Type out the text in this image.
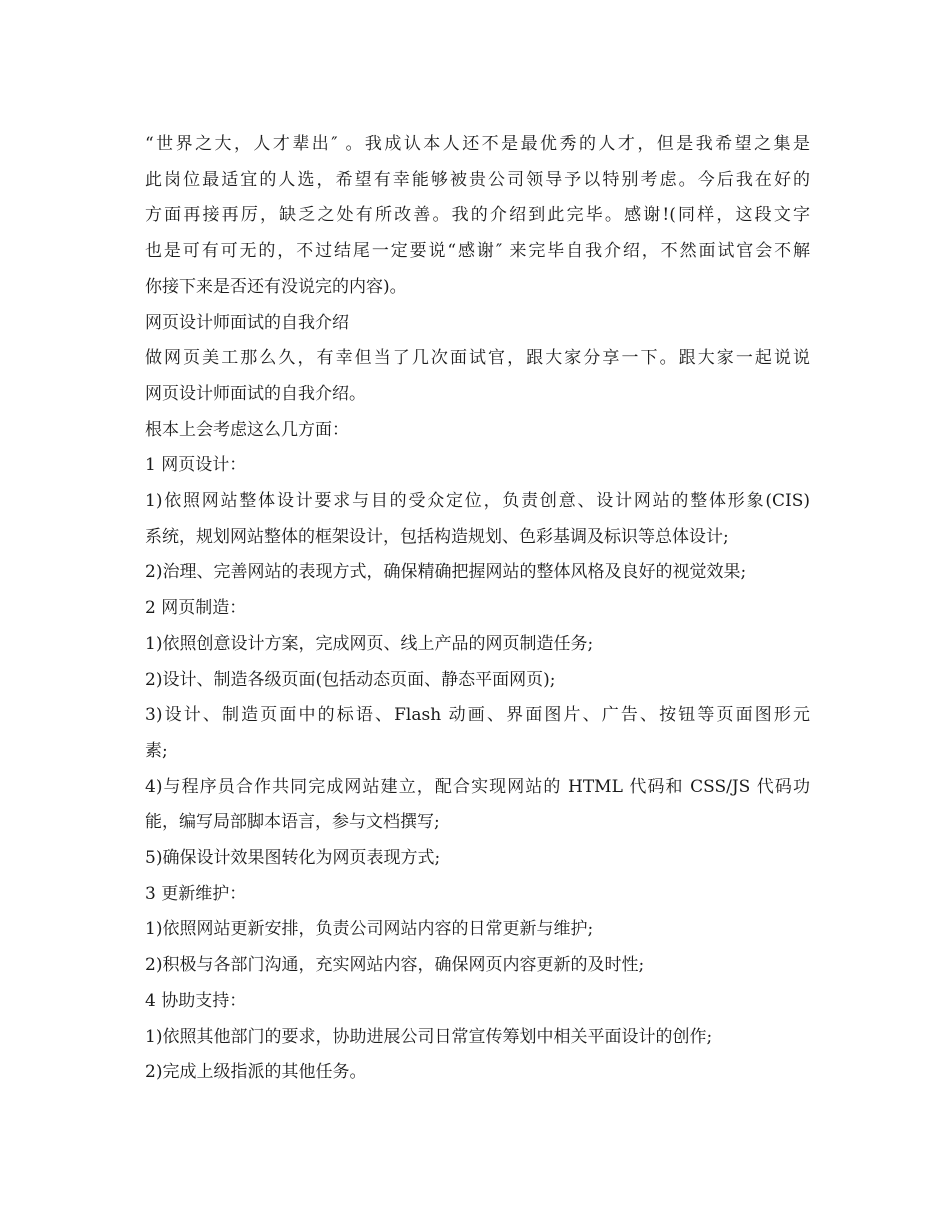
“世界之大，人才辈出″ 。我成认本人还不是最优秀的人才，但是我希望之集是
此岗位最适宜的人选，希望有幸能够被贵公司领导予以特别考虑。今后我在好的
方面再接再厉，缺乏之处有所改善。我的介绍到此完毕。感谢!(同样，这段文字
也是可有可无的，不过结尾一定要说“感谢″ 来完毕自我介绍，不然面试官会不解
你接下来是否还有没说完的内容)。
网页设计师面试的自我介绍
做网页美工那么久，有幸但当了几次面试官，跟大家分享一下。跟大家一起说说
网页设计师面试的自我介绍。
根本上会考虑这么几方面：
1 网页设计：
1)依照网站整体设计要求与目的受众定位，负责创意、设计网站的整体形象(CIS)
系统，规划网站整体的框架设计，包括构造规划、色彩基调及标识等总体设计;
2)治理、完善网站的表现方式，确保精确把握网站的整体风格及良好的视觉效果;
2 网页制造：
1)依照创意设计方案，完成网页、线上产品的网页制造任务;
2)设计、制造各级页面(包括动态页面、静态平面网页);
3)设计、制造页面中的标语、Flash 动画、界面图片、广告、按钮等页面图形元
素;
4)与程序员合作共同完成网站建立，配合实现网站的 HTML 代码和 CSS/JS 代码功
能，编写局部脚本语言，参与文档撰写;
5)确保设计效果图转化为网页表现方式;
3 更新维护：
1)依照网站更新安排，负责公司网站内容的日常更新与维护;
2)积极与各部门沟通，充实网站内容，确保网页内容更新的及时性;
4 协助支持：
1)依照其他部门的要求，协助进展公司日常宣传筹划中相关平面设计的创作;
2)完成上级指派的其他任务。
